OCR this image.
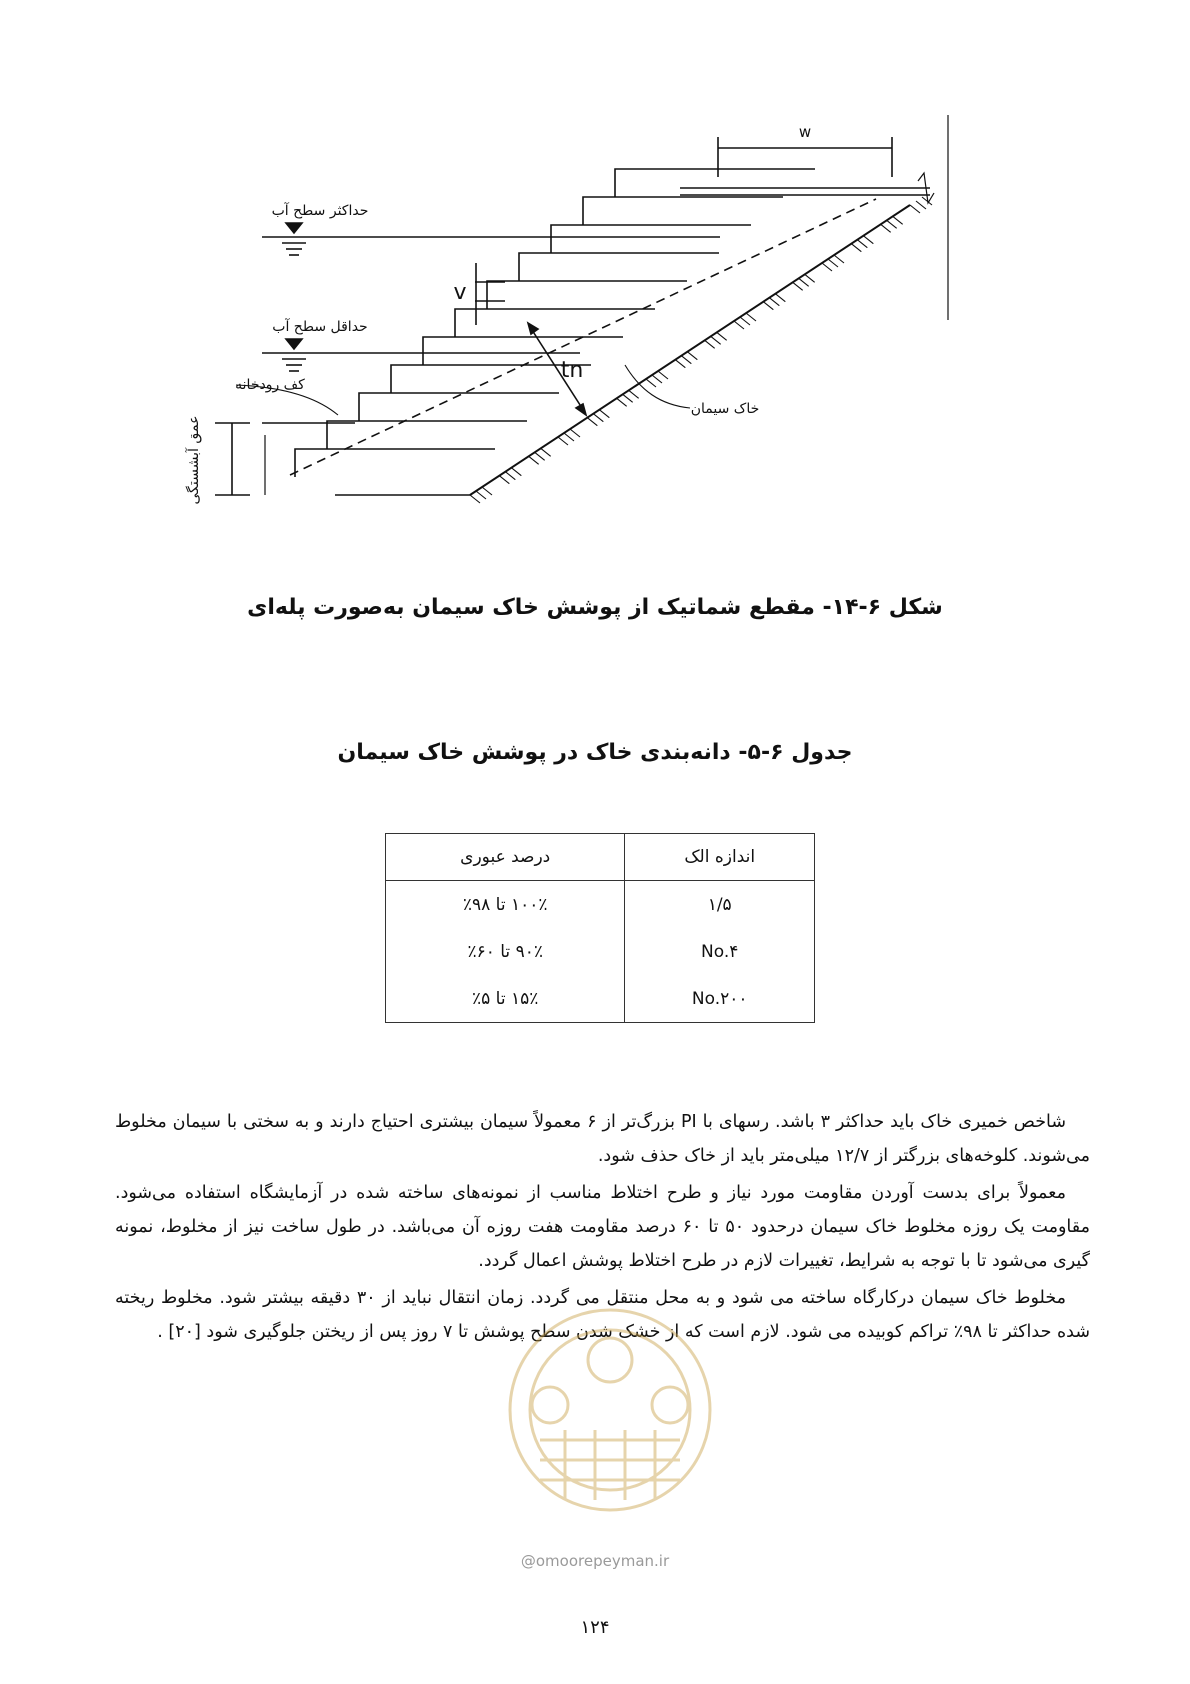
حداکثر سطح آب
حداقل سطح آب
کف رودخانه
خاک سیمان
عمق آبشستگی
w
v
tn
شکل ۶-۱۴- مقطع شماتیک از پوشش خاک سیمان به‌صورت پله‌ای
جدول ۶-۵- دانه‌بندی خاک در پوشش خاک سیمان
اندازه الک	درصد عبوری
۱/۵	۱۰۰٪ تا ۹۸٪
No.۴	۹۰٪ تا ۶۰٪
No.۲۰۰	۱۵٪ تا ۵٪

شاخص خمیری خاک باید حداکثر ۳ باشد. رسهای با PI بزرگ‌تر از ۶ معمولاً سیمان بیشتری احتیاج دارند و به سختی با سیمان مخلوط می‌شوند. کلوخه‌های بزرگتر از ۱۲/۷ میلی‌متر باید از خاک حذف شود.

معمولاً برای بدست آوردن مقاومت مورد نیاز و طرح اختلاط مناسب از نمونه‌های ساخته شده در آزمایشگاه استفاده می‌شود. مقاومت یک روزه مخلوط خاک سیمان درحدود ۵۰ تا ۶۰ درصد مقاومت هفت روزه آن می‌باشد. در طول ساخت نیز از مخلوط، نمونه گیری می‌شود تا با توجه به شرایط، تغییرات لازم در طرح اختلاط پوشش اعمال گردد.

مخلوط خاک سیمان درکارگاه ساخته می شود و به محل منتقل می گردد. زمان انتقال نباید از ۳۰ دقیقه بیشتر شود. مخلوط ریخته شده حداکثر تا ۹۸٪ تراکم کوبیده می شود. لازم است که از خشک شدن سطح پوشش تا ۷ روز پس از ریختن جلوگیری شود [۲۰] .

@omoorepeyman.ir
۱۲۴
